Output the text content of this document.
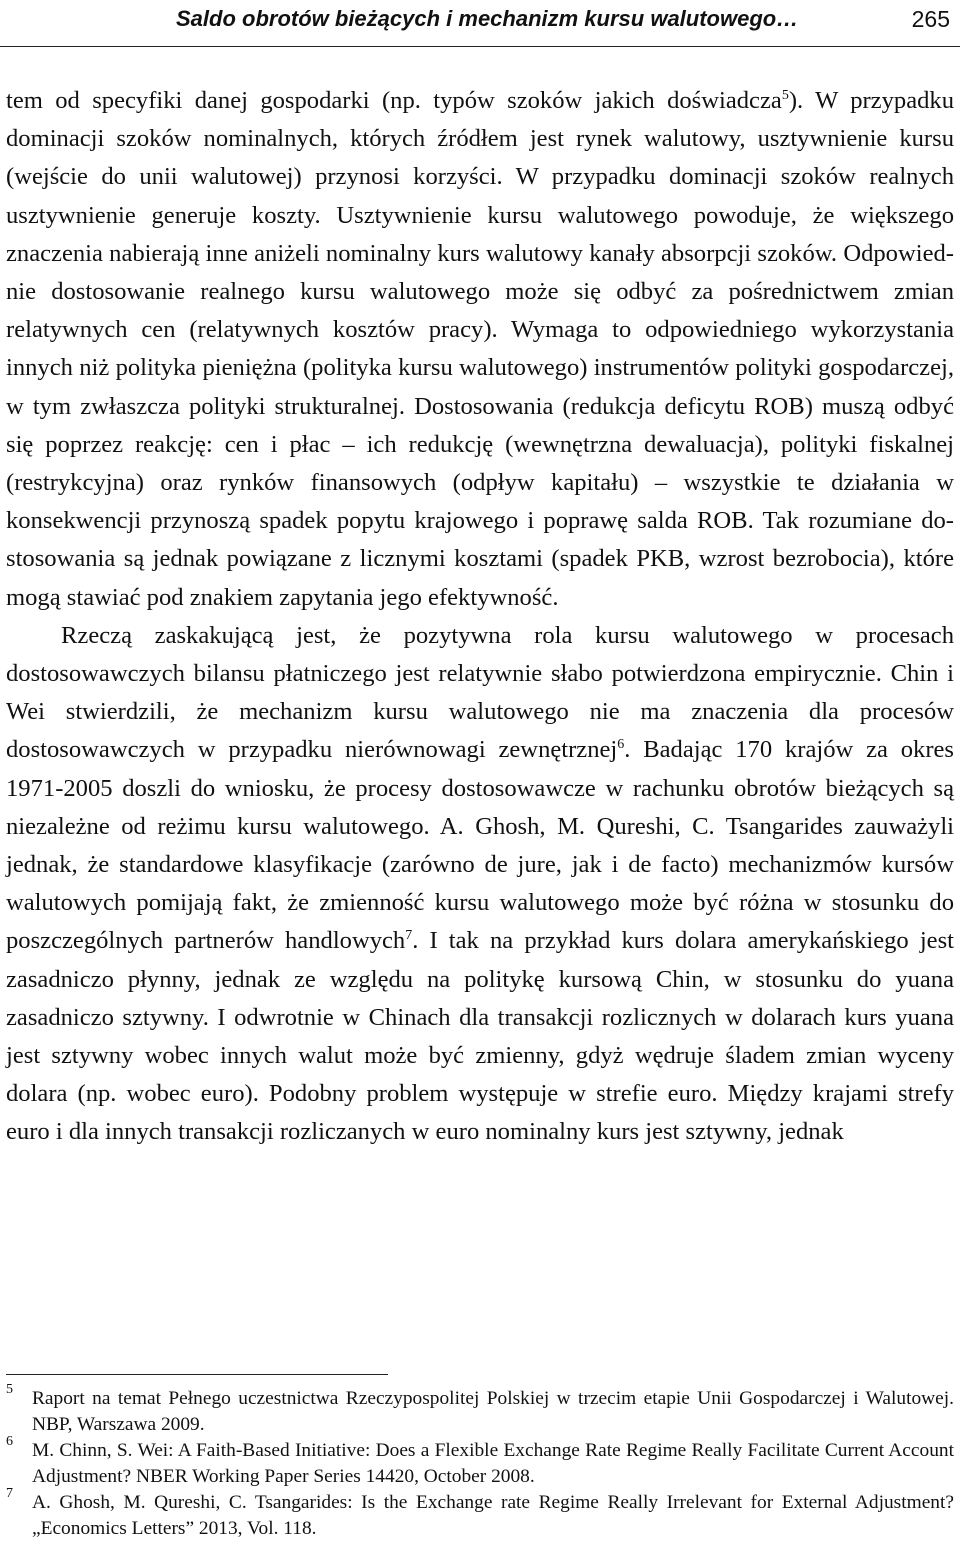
Saldo obrotów bieżących i mechanizm kursu walutowego…	265

tem od specyfiki danej gospodarki (np. typów szoków jakich doświadcza$^5$). W przypadku dominacji szoków nominalnych, których źródłem jest rynek walutowy, usztywnienie kursu (wejście do unii walutowej) przynosi korzyści. W przypadku dominacji szoków realnych usztywnienie generuje koszty. Usztywnienie kursu walutowego powoduje, że większego znaczenia nabierają inne aniżeli nominalny kurs walutowy kanały absorpcji szoków. Odpowiednie dostosowanie realnego kursu walutowego może się odbyć za pośrednictwem zmian relatywnych cen (relatywnych kosztów pracy). Wymaga to odpowiedniego wykorzystania innych niż polityka pieniężna (polityka kursu walutowego) instrumentów polityki gospodarczej, w tym zwłaszcza polityki strukturalnej. Dostosowania (redukcja deficytu ROB) muszą odbyć się poprzez reakcję: cen i płac ‒ ich redukcję (wewnętrzna dewaluacja), polityki fiskalnej (restrykcyjna) oraz rynków finansowych (odpływ kapitału) ‒ wszystkie te działania w konsekwencji przynoszą spadek popytu krajowego i poprawę salda ROB. Tak rozumiane dostosowania są jednak powiązane z licznymi kosztami (spadek PKB, wzrost bezrobocia), które mogą stawiać pod znakiem zapytania jego efektywność.

Rzeczą zaskakującą jest, że pozytywna rola kursu walutowego w procesach dostosowawczych bilansu płatniczego jest relatywnie słabo potwierdzona empirycznie. Chin i Wei stwierdzili, że mechanizm kursu walutowego nie ma znaczenia dla procesów dostosowawczych w przypadku nierównowagi zewnętrznej$^6$. Badając 170 krajów za okres 1971-2005 doszli do wniosku, że procesy dostosowawcze w rachunku obrotów bieżących są niezależne od reżimu kursu walutowego. A. Ghosh, M. Qureshi, C. Tsangarides zauważyli jednak, że standardowe klasyfikacje (zarówno de jure, jak i de facto) mechanizmów kursów walutowych pomijają fakt, że zmienność kursu walutowego może być różna w stosunku do poszczególnych partnerów handlowych$^7$. I tak na przykład kurs dolara amerykańskiego jest zasadniczo płynny, jednak ze względu na politykę kursową Chin, w stosunku do yuana zasadniczo sztywny. I odwrotnie w Chinach dla transakcji rozlicznych w dolarach kurs yuana jest sztywny wobec innych walut może być zmienny, gdyż wędruje śladem zmian wyceny dolara (np. wobec euro). Podobny problem występuje w strefie euro. Między krajami strefy euro i dla innych transakcji rozliczanych w euro nominalny kurs jest sztywny, jednak

5 Raport na temat Pełnego uczestnictwa Rzeczypospolitej Polskiej w trzecim etapie Unii Gospodarczej i Walutowej. NBP, Warszawa 2009.

6 M. Chinn, S. Wei: A Faith-Based Initiative: Does a Flexible Exchange Rate Regime Really Facilitate Current Account Adjustment? NBER Working Paper Series 14420, October 2008.

7 A. Ghosh, M. Qureshi, C. Tsangarides: Is the Exchange rate Regime Really Irrelevant for External Adjustment? „Economics Letters” 2013, Vol. 118.
